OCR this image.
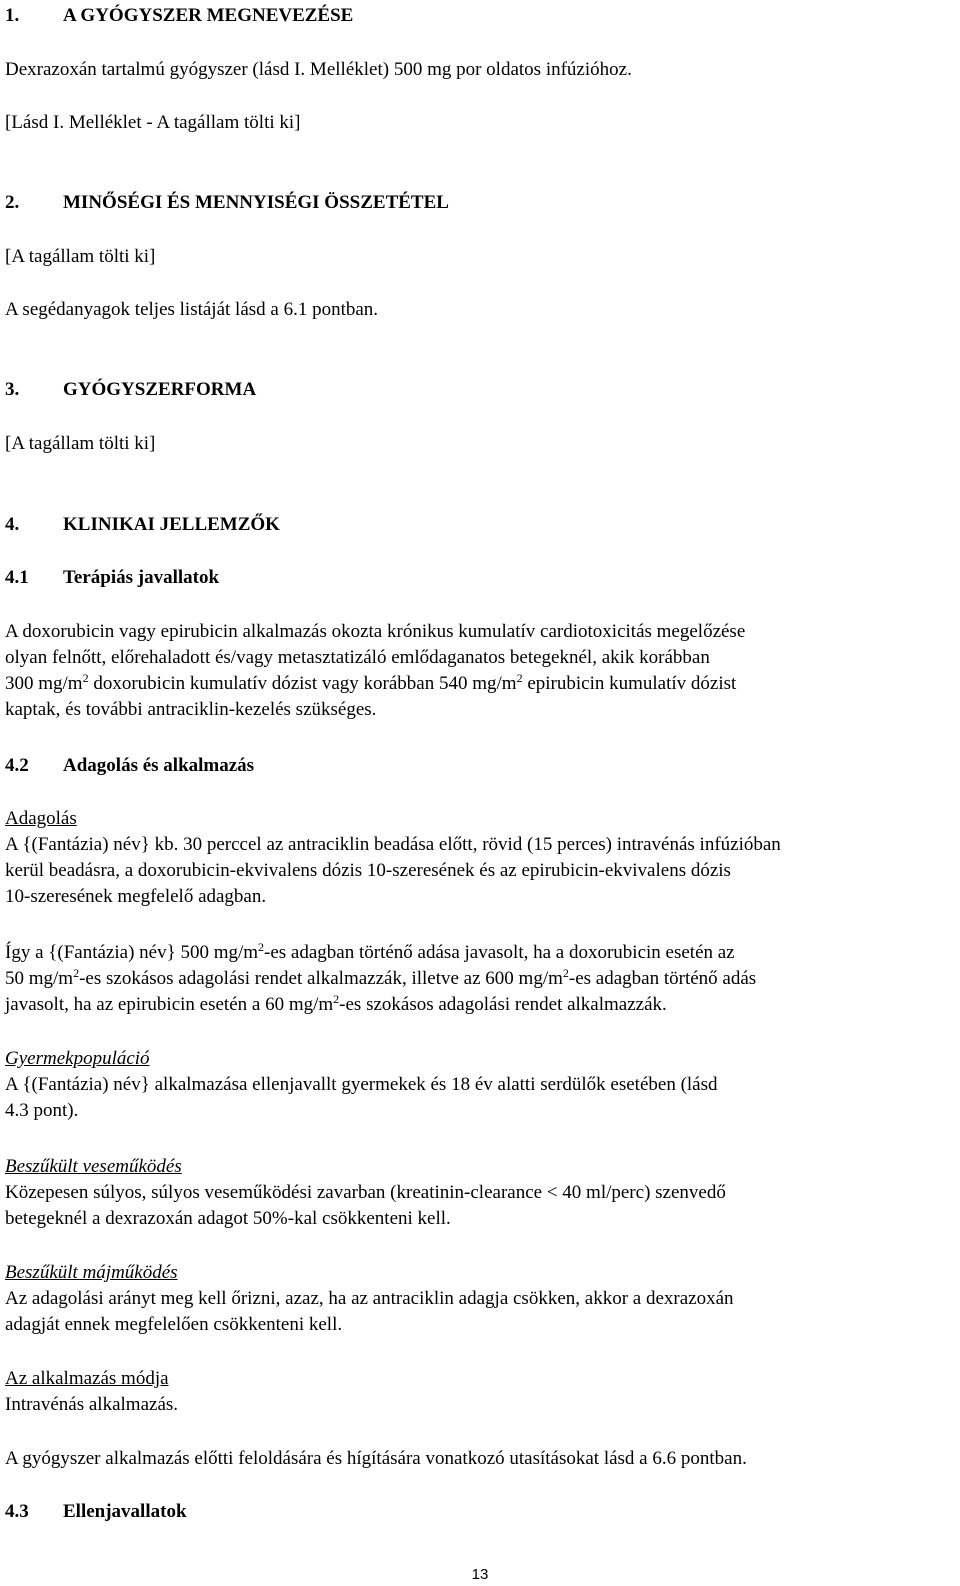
1. A GYÓGYSZER MEGNEVEZÉSE
Dexrazoxán tartalmú gyógyszer (lásd I. Melléklet) 500 mg por oldatos infúzióhoz.
[Lásd I. Melléklet - A tagállam tölti ki]
2. MINŐSÉGI ÉS MENNYISÉGI ÖSSZETÉTEL
[A tagállam tölti ki]
A segédanyagok teljes listáját lásd a 6.1 pontban.
3. GYÓGYSZERFORMA
[A tagállam tölti ki]
4. KLINIKAI JELLEMZŐK
4.1 Terápiás javallatok
A doxorubicin vagy epirubicin alkalmazás okozta krónikus kumulatív cardiotoxicitás megelőzése
olyan felnőtt, előrehaladott és/vagy metasztatizáló emlődaganatos betegeknél, akik korábban
300 $mg/m^2$ doxorubicin kumulatív dózist vagy korábban 540 $mg/m^2$ epirubicin kumulatív dózist
kaptak, és további antraciklin-kezelés szükséges.
4.2 Adagolás és alkalmazás
Adagolás
A {(Fantázia) név} kb. 30 perccel az antraciklin beadása előtt, rövid (15 perces) intravénás infúzióban
kerül beadásra, a doxorubicin-ekvivalens dózis 10-szeresének és az epirubicin-ekvivalens dózis
10-szeresének megfelelő adagban.
Így a {(Fantázia) név} 500 $mg/m^2-es$ adagban történő adása javasolt, ha a doxorubicin esetén az
50 $mg/m^2-es$ szokásos adagolási rendet alkalmazzák, illetve az 600 $mg/m^2-es$ adagban történő adás
javasolt, ha az epirubicin esetén a 60 $mg/m^2-es$ szokásos adagolási rendet alkalmazzák.
Gyermekpopuláció
A {(Fantázia) név} alkalmazása ellenjavallt gyermekek és 18 év alatti serdülők esetében (lásd
4.3 pont).
Beszűkült veseműködés
Közepesen súlyos, súlyos veseműködési zavarban (kreatinin-clearance < 40 ml/perc) szenvedő
betegeknél a dexrazoxán adagot 50%-kal csökkenteni kell.
Beszűkült májműködés
Az adagolási arányt meg kell őrizni, azaz, ha az antraciklin adagja csökken, akkor a dexrazoxán
adagját ennek megfelelően csökkenteni kell.
Az alkalmazás módja
Intravénás alkalmazás.
A gyógyszer alkalmazás előtti feloldására és hígítására vonatkozó utasításokat lásd a 6.6 pontban.
4.3 Ellenjavallatok
13
